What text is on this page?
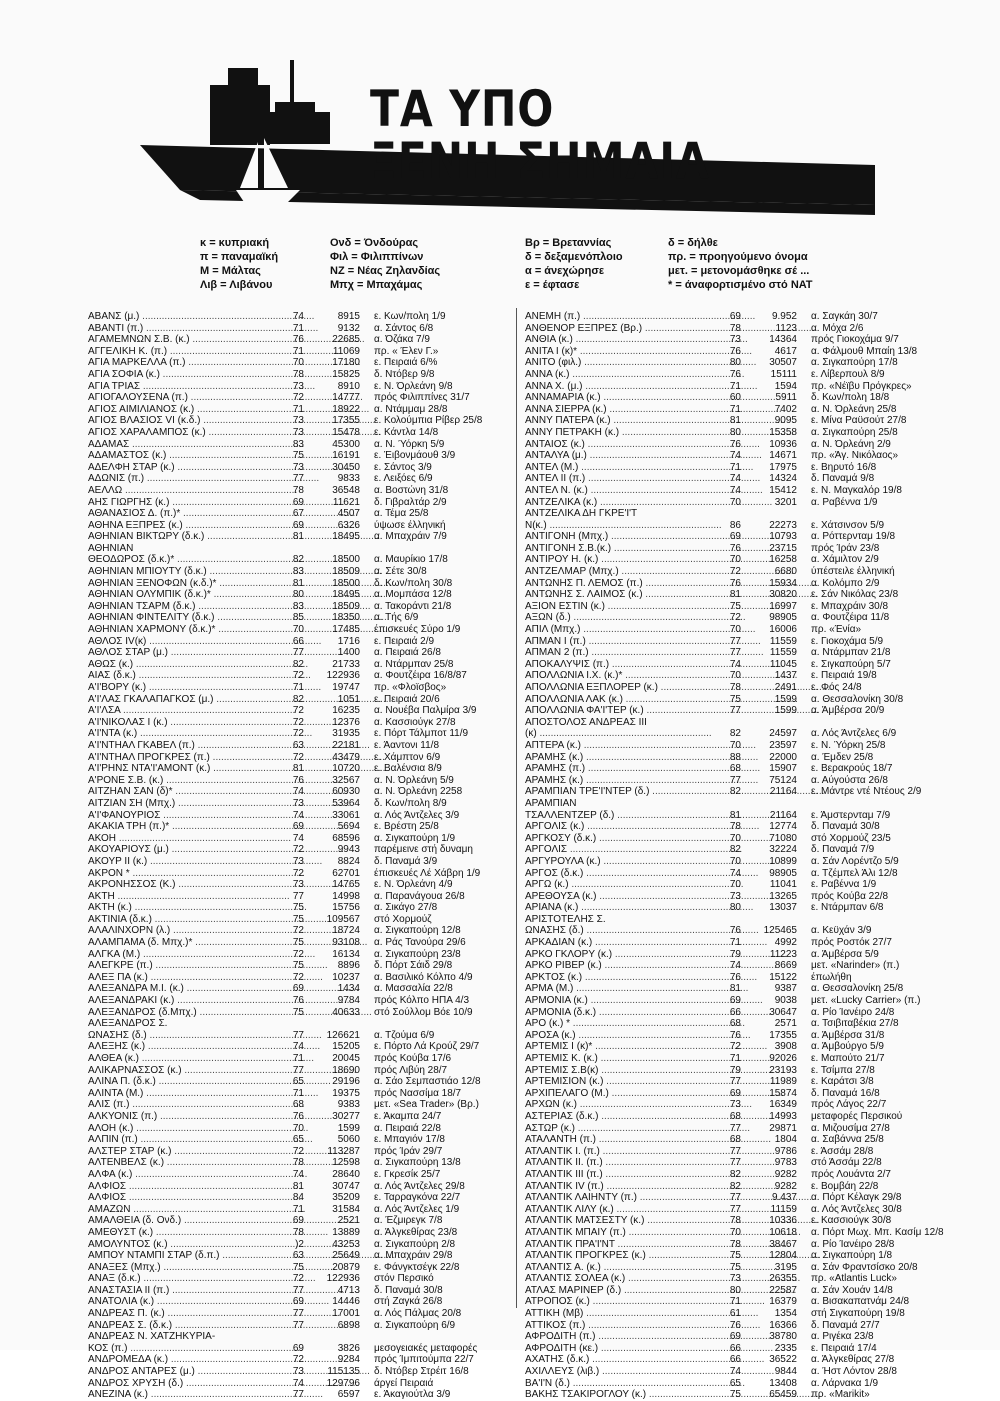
ΤΑ ΥΠΟ
ΞΕΝΗ ΣΗΜΑΙΑ
κ = κυπριακή
π = παναμαϊκή
Μ = Μάλτας
Λιβ = Λιβάνου
Ονδ = Όνδούρας
Φιλ = Φιλιππίνων
ΝΖ = Νέας Ζηλανδίας
Μπχ = Μπαχάμας
Βρ = Βρεταννίας
δ = δεξαμενόπλοιο
α = άνεχώρησε
ε = έφτασε
δ = δήλθε
πρ. = προηγούμενο όνομα
μετ. = μετονομάσθηκε σέ ...
* = άναφορτισμένο στό ΝΑΤ
ΑΒΑΝΣ (μ.) .....	74	8915	ε. Κων/πολη 1/9
ΑΒΑΝΤΙ (π.) .....	71	9132	α. Σάντος 6/8
ΑΓΑΜΕΜΝΩΝ Σ.Β. (κ.) .....	76	22685	α. Όζάκα 7/9
ΑΓΓΕΛΙΚΗ Κ. (π.) .....	71	11069	πρ. « Έλεν Γ.»
ΑΓΙΑ ΜΑΡΚΕΛΛΑ (π.) .....	70	17180	ε. Πειραιά 6/%
ΑΓΙΑ ΣΟΦΙΑ (κ.) .....	78	15825	δ. Ντόβερ 9/8
ΑΓΙΑ ΤΡΙΑΣ .....	73	8910	ε. Ν. Όρλεάνη 9/8
ΑΓΙΟΓΑΛΟΥΣΕΝΑ (π.) .....	72	14777	πρός Φιλιππίνες 31/7
ΑΓΙΟΣ ΑΙΜΙΛΙΑΝΟΣ (κ.) .....	71	18922	α. Ντάμμαμ 28/8
ΑΓΙΟΣ ΒΛΑΣΙΟΣ VI (κ.δ.) .....	73	17355	ε. Κολούμπια Ρίβερ 25/8
ΑΓΙΟΣ ΧΑΡΑΛΑΜΠΟΣ (κ.) .....	73	15478	ε. Κάντλα 14/8
ΑΔΑΜΑΣ .....	83	45300	α. Ν. Ύόρκη 5/9
ΑΔΑΜΑΣΤΟΣ (κ.) .....	75	16191	ε. Έιβονμάουθ 3/9
ΑΔΕΛΦΗ ΣΤΑΡ (κ.) .....	73	30450	ε. Σάντος 3/9
ΑΔΩΝΙΣ (π.) .....	77	9833	ε. Λειξόες 6/9
ΑΕΛΛΩ .....	78	36548	α. Βοστώνη 31/8
ΑΗΣ ΓΙΩΡΓΗΣ (κ.) .....	69	11621	δ. Γιβραλτάρ 2/9
ΑΘΑΝΑΣΙΟΣ Δ. (π.)* .....	67	4507	α. Τέμα 25/8
ΑΘΗΝΑ ΕΞΠΡΕΣ (κ.) .....	69	6326	ύψωσε έλληνική
ΑΘΗΝΙΑΝ ΒΙΚΤΩΡΥ (δ.κ.) .....	81	18495	α. Μπαχράιν 7/9
ΑΘΗΝΙΑΝ
ΘΕΟΔΩΡΟΣ (δ.κ.)* .....	82	18500	α. Μαυρίκιο 17/8
ΑΘΗΝΙΑΝ ΜΠΙΟΥΤΥ (δ.κ.) .....	83	18509	α. Σέτε 30/8
ΑΘΗΝΙΑΝ ΞΕΝΟΦΩΝ (κ.δ.)* .....	81	18500	δ. Κων/πολη 30/8
ΑΘΗΝΙΑΝ ΟΛΥΜΠΙΚ (δ.κ.)* .....	80	18495	α. Μομπάσα 12/8
ΑΘΗΝΙΑΝ ΤΣΑΡΜ (δ.κ.) .....	83	18509	α. Τακοράντι 21/8
ΑΘΗΝΙΑΝ ΦΙΝΤΕΛΙΤΥ (δ.κ.) .....	85	18350	α. Τής 6/9
ΑΘΗΝΙΑΝ ΧΑΡΜΟΝΥ (δ.κ.)* .....	70	17485	έπισκευές Σύρο 1/9
ΑΘΛΟΣ IV(κ) .....	66	1716	ε. Πειραιά 2/9
ΑΘΛΟΣ ΣΤΑΡ (μ.) .....	77	1400	α. Πειραιά 26/8
ΑΘΩΣ (κ.) .....	82	21733	α. Ντάρμπαν 25/8
ΑΙΑΣ (δ.κ.) .....	72	122936	α. Φουτζέιρα 16/8/87
Α'Ι'ΒΟΡΥ (κ.) .....	71	19747	πρ. «Φλοϊσβος»
Α'Ι'ΛΑΣ ΓΚΑΛΑΠΑΓΚΟΣ (μ.) .....	82	1051	ε. Πειραιά 20/6
Α'Ι'ΛΣΑ .....	72	16235	α. Νουέβα Παλμίρα 3/9
Α'Ι'ΝΙΚΟΛΑΣ Ι (κ.) .....	72	12376	α. Κασσιούγκ 27/8
Α'Ι'ΝΤΑ (κ.) .....	72	31935	ε. Πόρτ Τάλμποτ 11/9
Α'Ι'ΝΤΗΑΛ ΓΚΑΒΕΛ (π.) .....	63	22181	ε. Άαντονι 11/8
Α'Ι'ΝΤΗΑΛ ΠΡΟΓΚΡΕΣ (π.) .....	72	43479	ε. Χάμπτον 6/9
Α'Ι'ΡΗΝΣ ΝΤΑ'Ι'ΑΜΟΝΤ (κ.) .....	81	10720	ε. Βαλένσια 8/9
Α'ΡΟΝΕ Σ.Β. (κ.) .....	76	32567	α. Ν. Όρλεάνη 5/9
ΑΙΤΖΗΑΝ ΣΑΝ (δ)* .....	74	60930	α. Ν. Όρλεάνη 2258
ΑΙΤΖΙΑΝ ΣΗ (Μπχ.) .....	73	53964	δ. Κων/πολη 8/9
Α'Ι'ΦΑΝΟΥΡΙΟΣ .....	74	33061	α. Λός Άντζελες 3/9
ΑΚΑΚΙΑ ΤΡΗ (π.)* .....	69	5694	ε. Βρέστη 25/8
ΑΚΟΗ .....	74	68596	α. Σιγκαπούρη 1/9
ΑΚΟΥΑΡΙΟΥΣ (μ.) .....	72	9943	παρέμεινε στή δυναμη
ΑΚΟΥΡ ΙΙ (κ.) .....	73	8824	δ. Παναμά 3/9
ΑΚΡΟΝ * .....	72	62701	έπισκευές Λέ Χάβρη 1/9
ΑΚΡΟΝΗΣΣΟΣ (Κ.) .....	73	14765	ε. Ν. Όρλεάνη 4/9
ΑΚΤΗ .....	77	14998	α. Παρανάγουα 26/8
ΑΚΤΗ (κ.) .....	75	15756	α. Σικάγο 27/8
ΑΚΤΙΝΙΑ (δ.κ.) .....	75	109567	στό Χορμούζ
ΑΛΑΛΙΝΧΟΡΝ (λ.) .....	72	18724	α. Σιγκαπούρη 12/8
ΑΛΑΜΠΑΜΑ (δ. Μπχ.)* .....	75	93108	α. Ράς Τανούρα 29/6
ΑΛΓΚΑ (Μ.) .....	72	16134	α. Σιγκαπούρη 23/8
ΑΛΕΓΚΡΕ (π.) .....	75	8896	δ. Πόρτ Σάιδ 29/8
ΑΛΕΞ ΠΑ (κ.) .....	72	10237	α. Βασιλικό Κόλπο 4/9
ΑΛΕΞΑΝΔΡΑ Μ.Ι. (κ.) .....	69	1434	α. Μασσαλία 22/8
ΑΛΕΞΑΝΔΡΑΚΙ (κ.) .....	76	9784	πρός Κόλπο ΗΠΑ 4/3
ΑΛΕΞΑΝΔΡΟΣ (δ.Μπχ.) .....	75	40633	στό Σούλλομ Βόε 10/9
ΑΛΕΞΑΝΔΡΟΣ Σ.
ΩΝΑΣΗΣ (δ.) .....	77	126621	α. Τζούμα 6/9
ΑΛΕΞΗΣ (κ.) .....	74	15205	ε. Πόρτο Λά Κρούζ 29/7
ΑΛΘΕΑ (κ.) .....	71	20045	πρός Κούβα 17/6
ΑΛΙΚΑΡΝΑΣΣΟΣ (κ.) .....	77	18690	πρός Λιβύη 28/7
ΑΛΙΝΑ Π. (δ.κ.) .....	65	29196	α. Σάο Σεμπαστιάο 12/8
ΑΛΙΝΤΑ (Μ.) .....	71	19375	πρός Νασσίμα 18/7
ΑΛΙΣ (π.) .....	68	9383	μετ. «Sea Trader» (Βρ.)
ΑΛΚΥΟΝΙΣ (π.) .....	76	30277	ε. Άκαμπα 24/7
ΑΛΟΗ (κ.) .....	70	1599	α. Πειραιά 22/8
ΑΛΠΙΝ (π.) .....	65	5060	ε. Μπαγιόν 17/8
ΑΛΣΤΕΡ ΣΤΑΡ (κ.) .....	72	113287	πρός Ίράν 29/7
ΑΛΤΕΝΒΕΛΣ (κ.) .....	78	12598	α. Σιγκαπούρη 13/8
ΑΛΦΑ (κ.) .....	74	28640	ε. Γκρεσίκ 25/7
ΑΛΦΙΟΣ .....	81	30747	α. Λός Άντζελες 29/8
ΑΛΦΙΟΣ .....	84	35209	ε. Ταρραγκόνα 22/7
ΑΜΑΖΩΝ .....	71	31584	α. Λός Άντζελες 1/9
ΑΜΑΛΘΕΙΑ (δ. Ονδ.) .....	69	2521	α. Έζμιρεγκ 7/8
ΑΜΕΘΥΣΤ (κ.) .....	78	13889	α. Άλγκεθίρας 23/8
ΑΜΟΛΥΝΤΟΣ (κ.) .....	)2	43253	α. Σιγκαπούρη 2/8
ΑΜΠΟΥ ΝΤΑΜΠΙ ΣΤΑΡ (δ.π.) .....	63	25649	α. Μπαχράιν 29/8
ΑΝΑΞΕΣ (Μπχ.) .....	75	20879	ε. Φάνγκτσέγκ 22/8
ΑΝΑΞ (δ.κ.) .....	72	122936	στόν Περσικό
ΑΝΑΣΤΑΣΙΑ ΙΙ (π.) .....	77	4713	δ. Παναμά 30/8
ΑΝΑΤΟΛΙΑ (κ.) .....	69	14446	στή Ζαγκά 26/8
ΑΝΔΡΕΑΣ Π. (κ.) .....	77	17001	α. Λός Πάλμας 20/8
ΑΝΔΡΕΑΣ Σ. (δ.κ.) .....	77	6898	α. Σιγκαπούρη 6/9
ΑΝΔΡΕΑΣ Ν. ΧΑΤΖΗΚΥΡΙΑ-
ΚΟΣ (π.) .....	69	3826	μεσογειακές μεταφορές
ΑΝΔΡΟΜΕΔΑ (κ.) .....	72	9284	πρός Ίμπιτούμπα 22/7
ΑΝΔΡΟΣ ΑΝΤΑΡΕΣ (μ.) .....	73	115135	δ. Ντόβερ Στρέιτ 16/8
ΑΝΔΡΟΣ ΧΡΥΣΗ (δ.) .....	74	129796	άργεί Πειραιά
ΑΝΕΖΙΝΑ (κ.) .....	77	6597	ε. Άκαγιούτλα 3/9
ΑΝΕΜΗ (π.) .....	69	9.952	α. Σαγκάη 30/7
ΑΝΘΕΝΟΡ ΕΞΠΡΕΣ (Βρ.) .....	78	1123	α. Μόχα 2/6
ΑΝΘΙΑ (κ.) .....	73	14364	πρός Γιοκοχάμα 9/7
ΑΝΙΤΑ Ι (κ)* .....	76	4617	α. Φάλμουθ Μπαίη 13/8
ΑΝΙΤΟ (φιλ.) .....	80	30507	α. Σιγκαπούρη 17/8
ΑΝΝΑ (κ.) .....	76	15111	ε. Λίβερπουλ 8/9
ΑΝΝΑ Χ. (μ.) .....	71	1594	πρ. «Νέϊβυ Πρόγκρες»
ΑΝΝΑΜΑΡΙΑ (κ.) .....	60	5911	δ. Κων/πολη 18/8
ΑΝΝΑ ΣΙΕΡΡΑ (κ.) .....	71	7402	α. Ν. Όρλεάνη 25/8
ΑΝΝΥ ΠΑΤΕΡΑ (κ.) .....	81	9095	ε. Μίνα Ραϋσούτ 27/8
ΑΝΝΥ ΠΕΤΡΑΚΗ (κ.) .....	80	15358	α. Σιγκαπούρη 25/8
ΑΝΤΑΙΟΣ (κ.) .....	76	10936	α. Ν. Όρλεάνη 2/9
ΑΝΤΑΛΥΑ (μ.) .....	74	14671	πρ. «Άγ. Νικόλαος»
ΑΝΤΕΛ (Μ.) .....	71	17975	ε. Βηρυτό 16/8
ΑΝΤΕΛ ΙΙ (π.) .....	74	14324	δ. Παναμά 9/8
ΑΝΤΕΛ Ν. (κ.) .....	74	15412	ε. Ν. Μαγκαλόρ 19/8
ΑΝΤΖΕΛΙΚΑ (κ.) .....	70	3201	α. Ραβέννα 1/9
ΑΝΤΖΕΛΙΚΑ ΔΗ ΓΚΡΕ'Ι'Τ
Ν(κ.) .....	86	22273	ε. Χάτσινσον 5/9
ΑΝΤΙΓΟΝΗ (Μπχ.) .....	69	10793	α. Ρόττερνταμ 19/8
ΑΝΤΙΓΟΝΗ Σ.Β.(κ.) .....	76	23715	πρός Ίράν 23/8
ΑΝΤΙΡΟΥ Η. (κ.) .....	70	16258	α. Χάμιλτον 2/9
ΑΝΤΖΕΛΜΑΡ (Μπχ.) .....	72	6680	ύπέστειλε έλληνική
ΑΝΤΩΝΗΣ Π. ΛΕΜΟΣ (π.) .....	76	15934	α. Κολόμπο 2/9
ΑΝΤΩΝΗΣ Σ. ΛΑΙΜΟΣ (κ.) .....	81	30820	ε. Σάν Νικόλας 23/8
ΑΞΙΟΝ ΕΣΤΙΝ (κ.) .....	75	16997	ε. Μπαχράιν 30/8
ΑΞΩΝ (δ.) .....	72	98905	α. Φουτζέιρα 11/8
ΑΠΙΛ (Μπχ.) .....	70	16006	πρ. «Ένία»
ΑΠΜΑΝ Ι (π.) .....	77	11559	ε. Γιοκοχάμα 5/9
ΑΠΜΑΝ 2 (π.) .....	77	11559	α. Ντάρμπαν 21/8
ΑΠΟΚΑΛΥΨΙΣ (π.) .....	74	11045	ε. Σιγκαπούρη 5/7
ΑΠΟΛΛΩΝΙΑ Ι.Χ. (κ.)* .....	70	1437	ε. Πειραιά 19/8
ΑΠΟΛΛΩΝΙΑ ΕΞΠΛΟΡΕΡ (κ.) .....	78	2491	ε. Φός 24/8
ΑΠΟΛΛΩΝΙΑ ΛΑΚ (κ.) .....	75	1599	α. Θεσσαλονίκη 30/8
ΑΠΟΛΛΩΝΙΑ ΦΑ'Ι'ΤΕΡ (κ.) .....	77	1599	α. Άμβέρσα 20/9
ΑΠΟΣΤΟΛΟΣ ΑΝΔΡΕΑΣ ΙΙΙ
(κ) .....	82	24597	α. Λός Άντζελες 6/9
ΑΠΤΕΡΑ (κ.) .....	70	23597	ε. Ν. Ύόρκη 25/8
ΑΡΑΜΗΣ (κ.) .....	88	22000	α. Έμδεν 25/8
ΑΡΑΜΗΣ (π.) .....	68	15907	ε. Βερακρούς 18/7
ΑΡΑΜΗΣ (κ.) .....	77	75124	α. Αύγούστα 26/8
ΑΡΑΜΠΙΑΝ ΤΡΕ'Ι'ΝΤΕΡ (δ.) .....	82	21164	ε. Μάντρε ντέ Ντέους 2/9
ΑΡΑΜΠΙΑΝ
ΤΣΑΛΛΕΝΤΖΕΡ (δ.) .....	81	21164	ε. Άμστερνταμ 7/9
ΑΡΓΟΛΙΣ (κ.) .....	78	12774	δ. Παναμά 30/8
ΑΡΓΚΟΣΥ (δ.κ.) .....	70	71080	στό Χορμούζ 23/5
ΑΡΓΟΛΙΣ .....	82	32224	δ. Παναμά 7/9
ΑΡΓΥΡΟΥΛΑ (κ.) .....	70	10899	α. Σάν Λορέντζο 5/9
ΑΡΓΟΣ (δ.κ.) .....	74	98905	α. Τζέμπελ Άλι 12/8
ΑΡΓΩ (κ.) .....	70	11041	ε. Ραβέννα 1/9
ΑΡΕΘΟΥΣΑ (κ.) .....	73	13265	πρός Κούβα 22/8
ΑΡΙΑΝΑ (κ.) .....	80	13037	ε. Ντάρμπαν 6/8
ΑΡΙΣΤΟΤΕΛΗΣ Σ.
ΩΝΑΣΗΣ (δ.) .....	76	125465	α. Κεϋχάν 3/9
ΑΡΚΑΔΙΑΝ (κ.) .....	71	4992	πρός Ροστόκ 27/7
ΑΡΚΟ ΓΚΛΟΡΥ (κ.) .....	79	11223	α. Άμβέρσα 5/9
ΑΡΚΟ ΡΙΒΕΡ (κ.) .....	74	8669	μετ. «Narinder» (π.)
ΑΡΚΤΟΣ (κ.) .....	76	15122	έπωλήθη
ΑΡΜΑ (Μ.) .....	81	9387	α. Θεσσαλονίκη 25/8
ΑΡΜΟΝΙΑ (κ.) .....	69	9038	μετ. «Lucky Carrier» (π.)
ΑΡΜΟΝΙΑ (δ.κ.) .....	66	30647	α. Ρίο Ίανέιρο 24/8
ΑΡΟ (κ.) * .....	68	2571	α. Τσιβιταβέκια 27/8
ΑΡΟΣΑ (κ.) .....	76	17355	α. Άμβέρσα 31/8
ΑΡΤΕΜΙΣ Ι (κ)* .....	72	3908	α. Άμβούργο 5/9
ΑΡΤΕΜΙΣ Κ. (κ.) .....	71	92026	ε. Μαπούτο 21/7
ΑΡΤΕΜΙΣ Σ.Β(κ) .....	79	23193	ε. Τσίμπα 27/8
ΑΡΤΕΜΙΣΙΟΝ (κ.) .....	77	11989	ε. Καράτσι 3/8
ΑΡΧΙΠΕΛΑΓΟ (Μ.) .....	69	15874	δ. Παναμά 16/8
ΑΡΧΩΝ (κ.) .....	73	16349	πρός Λάγος 22/7
ΑΣΤΕΡΙΑΣ (δ.κ.) .....	68	14993	μεταφορές Περσικού
ΑΣΤΩΡ (κ.) .....	77	29871	α. Μιζουσίμα 27/8
ΑΤΑΛΑΝΤΗ (π.) .....	68	1804	α. Σαβάννα 25/8
ΑΤΛΑΝΤΙΚ Ι. (π.) .....	77	9786	ε. Άσσάμ 28/8
ΑΤΛΑΝΤΙΚ ΙΙ. (π.) .....	77	9783	στό Άσσάμ 22/8
ΑΤΛΑΝΤΙΚ ΙΙΙ (π.) .....	82	9282	πρός Λουάντα 2/7
ΑΤΛΑΝΤΙΚ ΙV (π.) .....	82	9282	ε. Βομβάη 22/8
ΑΤΛΑΝΤΙΚ ΛΑΙΗΝΤΥ (π.) .....	77	9.437	α. Πόρτ Κέλαγκ 29/8
ΑΤΛΑΝΤΙΚ ΛΙΛΥ (κ.) .....	77	11159	α. Λός Άντζελες 30/8
ΑΤΛΑΝΤΙΚ ΜΑΤΣΕΣΤΥ (κ.) .....	78	10336	ε. Κασσιούγκ 30/8
ΑΤΛΑΝΤΙΚ ΜΠΑΙΥ (π.) .....	70	10618	α. Πόρτ Μωχ. Μπ. Κασίμ 12/8
ΑΤΛΑΝΤΙΚ ΠΡΑ'Ι'ΝΤ .....	78	38467	α. Ρίο Ίανέιρο 28/8
ΑΤΛΑΝΤΙΚ ΠΡΟΓΚΡΕΣ (κ.) .....	75	12804	α. Σιγκαπούρη 1/8
ΑΤΛΑΝΤΙΣ Α. (κ.) .....	75	3195	α. Σάν Φραντσίσκο 20/8
ΑΤΛΑΝΤΙΣ ΣΟΛΕΑ (κ.) .....	73	26355	πρ. «Atlantis Luck»
ΑΤΛΑΣ ΜΑΡΙΝΕΡ (δ.) .....	80	22587	α. Σάν Χουάν 14/8
ΑΤΡΟΠΟΣ (κ.) .....	71	16379	α. Βισακαπατνάμ 24/8
ΑΤΤΙΚΗ (Μβ) .....	61	1354	στή Σιγκαπούρη 19/8
ΑΤΤΙΚΟΣ (π.) .....	76	16366	δ. Παναμά 27/7
ΑΦΡΟΔΙΤΗ (π.) .....	69	38780	α. Ριγέκα 23/8
ΑΦΡΟΔΙΤΗ (κε.) .....	66	2335	ε. Πειραιά 17/4
ΑΧΑΤΗΣ (δ.κ.) .....	66	36522	α. Άλγκεθίρας 27/8
ΑΧΙΛΛΕΥΣ (λιβ.) .....	74	9844	α. Ήστ Λόντον 28/8
ΒΑ'Ι'Ν (δ.) .....	65	13408	α. Λάρνακα 1/9
ΒΑΚΗΣ ΤΣΑΚΙΡΟΓΛΟΥ (κ.) .....	75	65459	πρ. «Marikit»
